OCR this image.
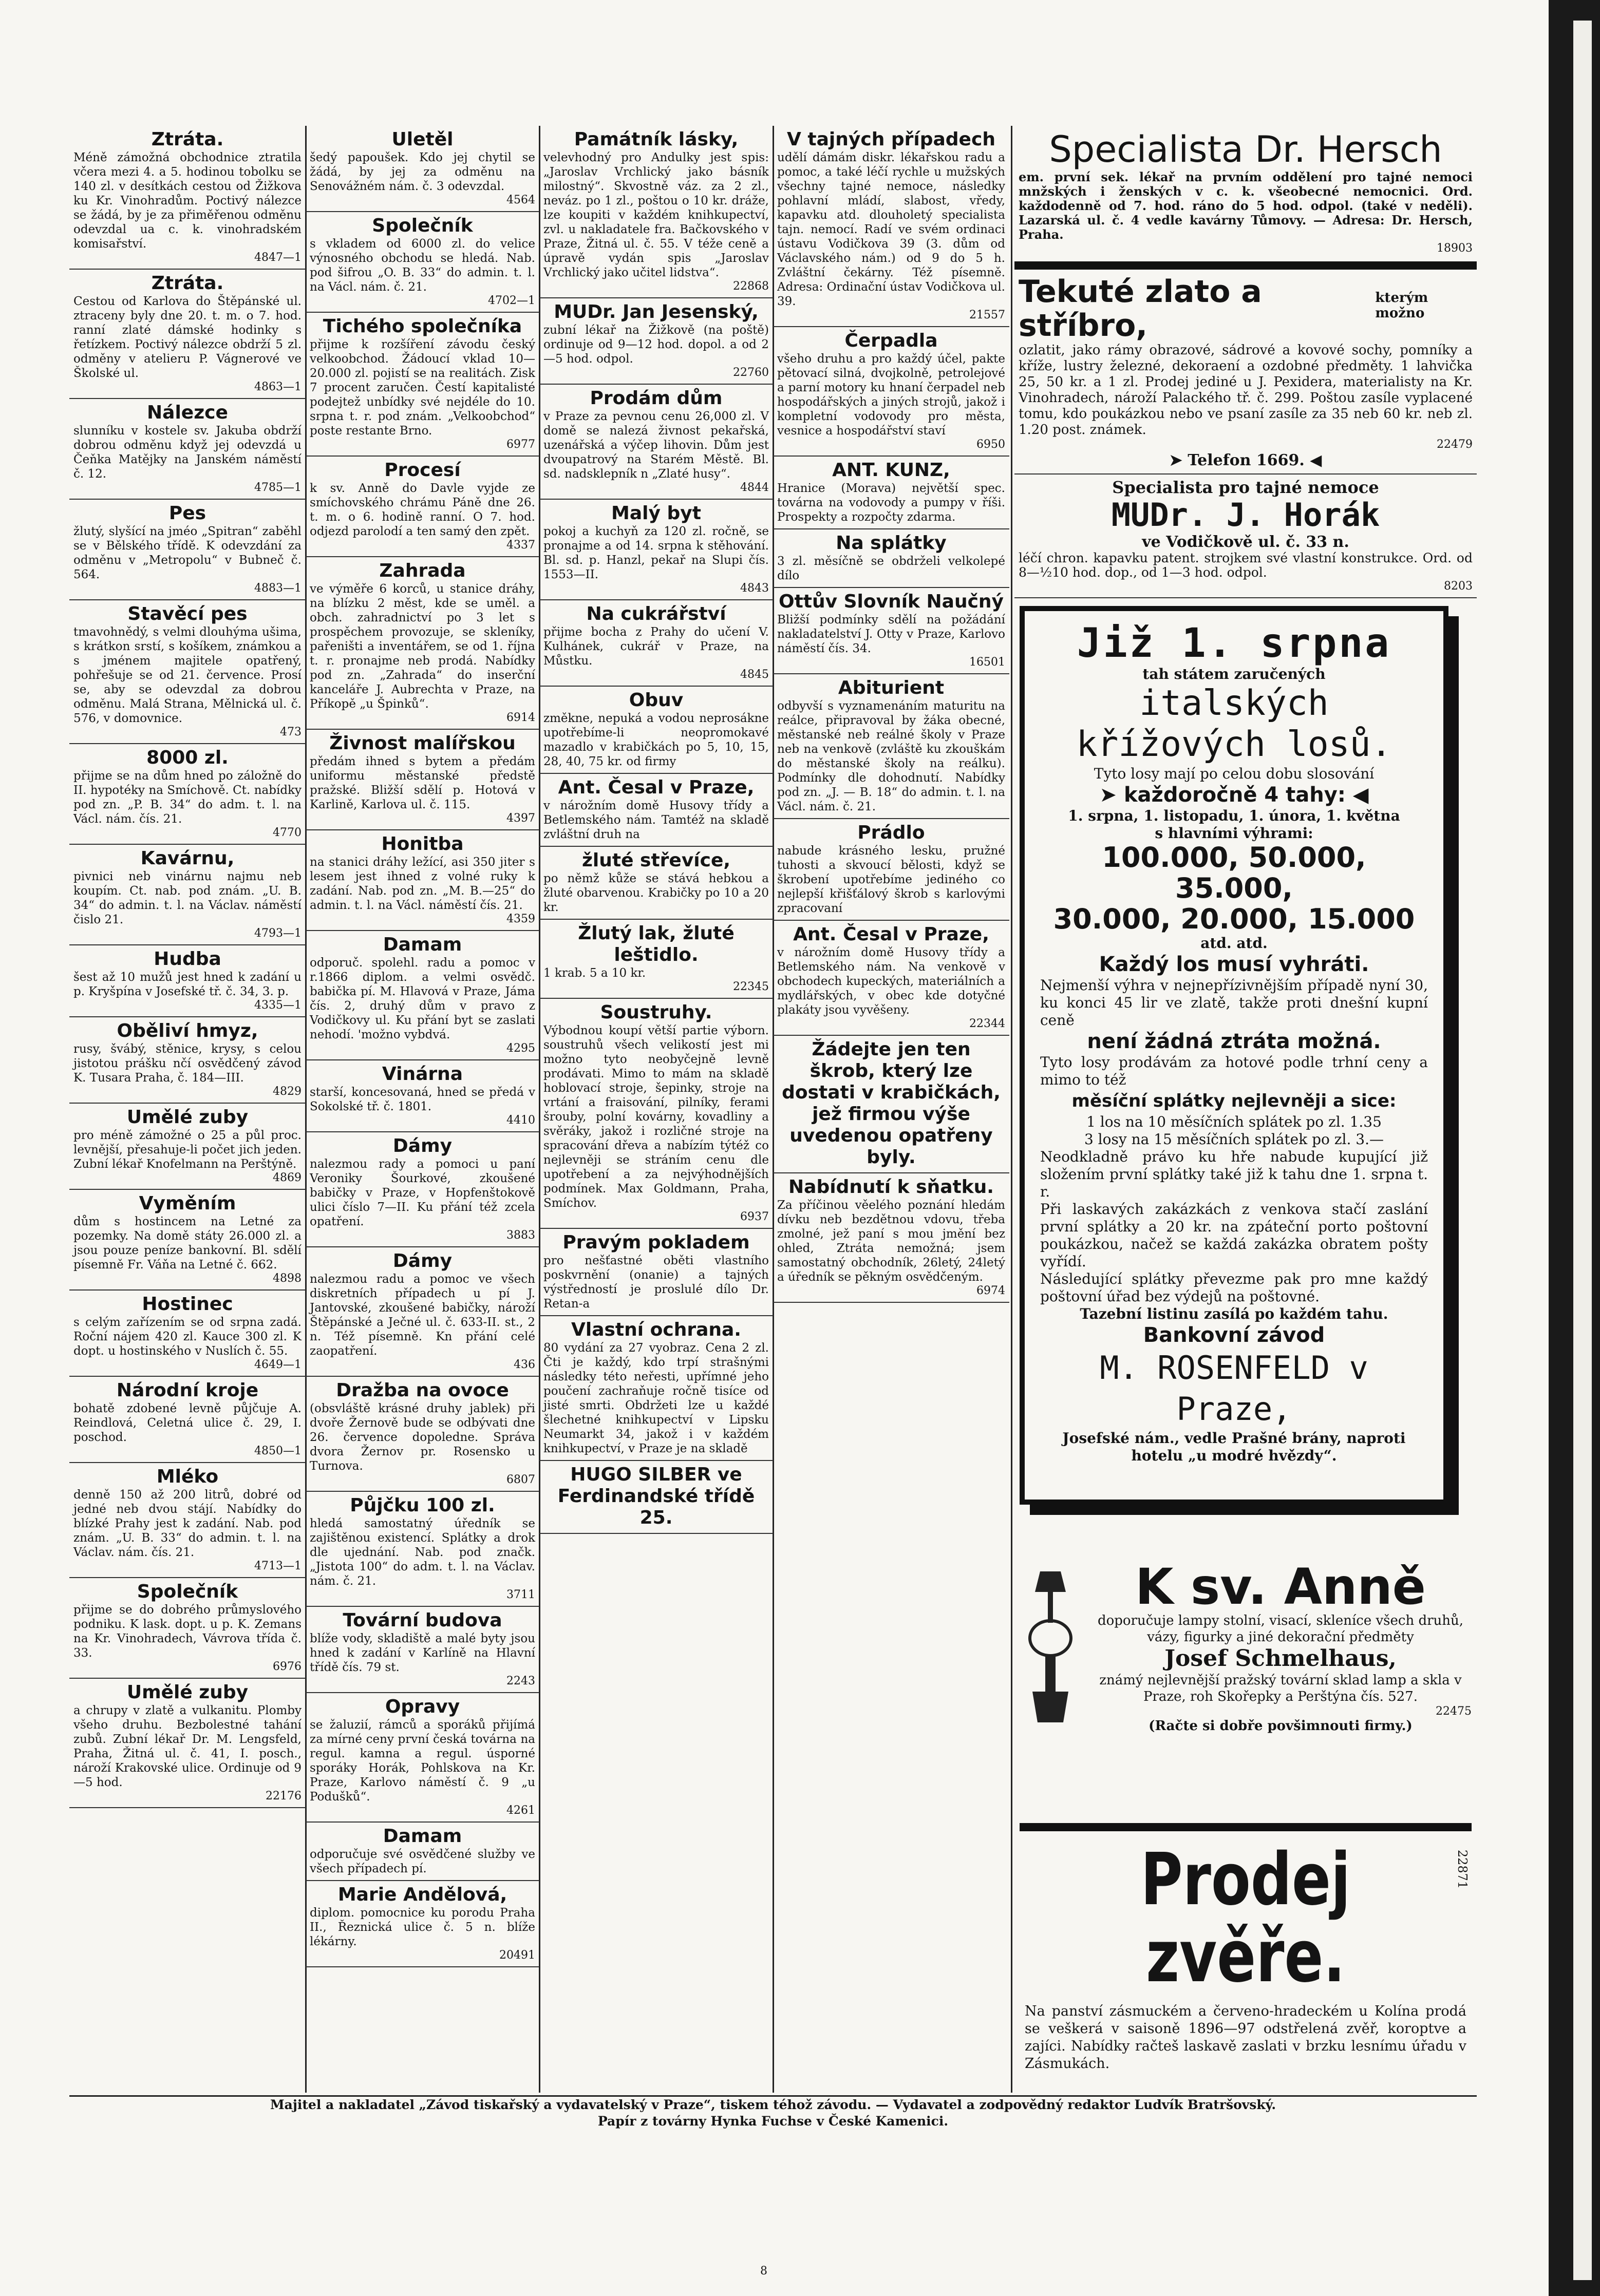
Ztráta.
Méně zámožná obchodnice ztratila včera mezi 4. a 5. hodinou tobolku se 140 zl. v desítkách cestou od Žižkova ku Kr. Vinohradům. Poctivý nálezce se žádá, by je za přiměřenou odměnu odevzdal ua c. k. vinohradském komisařství.
4847—1
Ztráta.
Cestou od Karlova do Štěpánské ul. ztraceny byly dne 20. t. m. o 7. hod. ranní zlaté dámské hodinky s řetízkem. Poctivý nálezce obdrží 5 zl. odměny v atelieru P. Vágnerové ve Školské ul.
4863—1
Nálezce
slunníku v kostele sv. Jakuba obdrží dobrou odměnu když jej odevzdá u Čeňka Matějky na Janském náměstí č. 12.
4785—1
Pes
žlutý, slyšící na jméo „Spitran“ zaběhl se v Bělského třídě. K odevzdání za odměnu v „Metropolu“ v Bubneč č. 564.
4883—1
Stavěcí pes
tmavohnědý, s velmi dlouhýma ušima, s krátkon srstí, s košíkem, známkou a s jménem majitele opatřený, pohřešuje se od 21. července. Prosí se, aby se odevzdal za dobrou odměnu. Malá Strana, Mělnická ul. č. 576, v domovnice.
473
8000 zl.
přijme se na dům hned po záložně do II. hypotéky na Smíchově. Ct. nabídky pod zn. „P. B. 34“ do adm. t. l. na Václ. nám. čís. 21.
4770
Kavárnu,
pivnici neb vinárnu najmu neb koupím. Ct. nab. pod znám. „U. B. 34“ do admin. t. l. na Václav. náměstí čislo 21.
4793—1
Hudba
šest až 10 mužů jest hned k zadání u p. Kryšpína v Josefské tř. č. 34, 3. p.
4335—1
Oběliví hmyz,
rusy, švábý, stěnice, krysy, s celou jistotou prášku nčí osvědčený závod K. Tusara Praha, č. 184—III.
4829
Umělé zuby
pro méně zámožné o 25 a půl proc. levnější, přesahuje-li počet jich jeden. Zubní lékař Knofelmann na Perštýně.
4869
Vyměním
dům s hostincem na Letné za pozemky. Na domě státy 26.000 zl. a jsou pouze peníze bankovní. Bl. sdělí písemně Fr. Váňa na Letné č. 662.
4898
Hostinec
s celým zařízením se od srpna zadá. Roční nájem 420 zl. Kauce 300 zl. K dopt. u hostinského v Nuslích č. 55.
4649—1
Národní kroje
bohatě zdobené levně půjčuje A. Reindlová, Celetná ulice č. 29, I. poschod.
4850—1
Mléko
denně 150 až 200 litrů, dobré od jedné neb dvou stájí. Nabídky do blízké Prahy jest k zadání. Nab. pod znám. „U. B. 33“ do admin. t. l. na Václav. nám. čís. 21.
4713—1
Společník
přijme se do dobrého průmyslového podniku. K lask. dopt. u p. K. Zemans na Kr. Vinohradech, Vávrova třída č. 33.
6976
Umělé zuby
a chrupy v zlatě a vulkanitu. Plomby všeho druhu. Bezbolestné tahání zubů. Zubní lékař Dr. M. Lengsfeld, Praha, Žitná ul. č. 41, I. posch., nároží Krakovské ulice. Ordinuje od 9—5 hod.
22176
Uletěl
šedý papoušek. Kdo jej chytil se žádá, by jej za odměnu na Senovážném nám. č. 3 odevzdal.
4564
Společník
s vkladem od 6000 zl. do velice výnosného obchodu se hledá. Nab. pod šifrou „O. B. 33“ do admin. t. l. na Václ. nám. č. 21.
4702—1
Tichého společníka
přijme k rozšíření závodu český velkoobchod. Žádoucí vklad 10—20.000 zl. pojistí se na realitách. Zisk 7 procent zaručen. Čestí kapitalisté podejtež unbídky své nejdéle do 10. srpna t. r. pod znám. „Velkoobchod“ poste restante Brno.
6977
Procesí
k sv. Anně do Davle vyjde ze smíchovského chrámu Páně dne 26. t. m. o 6. hodině ranní. O 7. hod. odjezd parolodí a ten samý den zpět.
4337
Zahrada
ve výměře 6 korců, u stanice dráhy, na blízku 2 měst, kde se uměl. a obch. zahradnictví po 3 let s prospěchem provozuje, se skleníky, pařeništi a inventářem, se od 1. října t. r. pronajme neb prodá. Nabídky pod zn. „Zahrada“ do inserční kanceláře J. Aubrechta v Praze, na Příkopě „u Špinků“.
6914
Živnost malířskou
předám ihned s bytem a předám uniformu městanské předstě pražské. Bližší sdělí p. Hotová v Karlině, Karlova ul. č. 115.
4397
Honitba
na stanici dráhy ležící, asi 350 jiter s lesem jest ihned z volné ruky k zadání. Nab. pod zn. „M. B.—25“ do admin. t. l. na Václ. náměstí čís. 21.
4359
Damam
odporuč. spolehl. radu a pomoc v r.1866 diplom. a velmi osvědč. babička pí. M. Hlavová v Praze, Jáma čís. 2, druhý dům v pravo z Vodičkovy ul. Ku přání byt se zaslati nehodí. 'možno vybdvá.
4295
Vinárna
starší, koncesovaná, hned se předá v Sokolské tř. č. 1801.
4410
Dámy
nalezmou rady a pomoci u paní Veroniky Šourkové, zkoušené babičky v Praze, v Hopfenštokově ulici číslo 7—II. Ku přání též zcela opatření.
3883
Dámy
nalezmou radu a pomoc ve všech diskretních případech u pí J. Jantovské, zkoušené babičky, nároží Štěpánské a Ječné ul. č. 633-II. st., 2 n. Též písemně. Kn přání celé zaopatření.
436
Dražba na ovoce
(obsvláště krásné druhy jablek) při dvoře Žernově bude se odbývati dne 26. července dopoledne. Správa dvora Žernov pr. Rosensko u Turnova.
6807
Půjčku 100 zl.
hledá samostatný úředník se zajištěnou existencí. Splátky a drok dle ujednání. Nab. pod značk. „Jistota 100“ do adm. t. l. na Václav. nám. č. 21.
3711
Tovární budova
blíže vody, skladiště a malé byty jsou hned k zadání v Karlíně na Hlavní třídě čís. 79 st.
2243
Opravy
se žaluzií, rámců a sporáků přijímá za mírné ceny první česká továrna na regul. kamna a regul. úsporné sporáky Horák, Pohlskova na Kr. Praze, Karlovo náměstí č. 9 „u Podušků“.
4261
Damam
odporučuje své osvědčené služby ve všech případech pí.
Marie Andělová,
diplom. pomocnice ku porodu Praha II., Řeznická ulice č. 5 n. blíže lékárny.
20491
Památník lásky,
velevhodný pro Andulky jest spis: „Jaroslav Vrchlický jako básník milostný“. Skvostně váz. za 2 zl., neváz. po 1 zl., poštou o 10 kr. dráže, lze koupiti v každém knihkupectví, zvl. u nakladatele fra. Bačkovského v Praze, Žitná ul. č. 55. V téže ceně a úpravě vydán spis „Jaroslav Vrchlický jako učitel lidstva“.
22868
MUDr. Jan Jesenský,
zubní lékař na Žižkově (na poště) ordinuje od 9—12 hod. dopol. a od 2—5 hod. odpol.
22760
Prodám dům
v Praze za pevnou cenu 26,000 zl. V domě se nalezá živnost pekařská, uzenářská a výčep lihovin. Dům jest dvoupatrový na Starém Městě. Bl. sd. nadsklepník n „Zlaté husy“.
4844
Malý byt
pokoj a kuchyň za 120 zl. ročně, se pronajme a od 14. srpna k stěhování. Bl. sd. p. Hanzl, pekař na Slupi čís. 1553—II.
4843
Na cukrářství
přijme bocha z Prahy do učení V. Kulhánek, cukrář v Praze, na Můstku.
4845
Obuv
změkne, nepuká a vodou neprosákne upotřebíme-li neopromokavé mazadlo v krabičkách po 5, 10, 15, 28, 40, 75 kr. od firmy
Ant. Česal v Praze,
v nárožním domě Husovy třídy a Betlemského nám. Tamtéž na skladě zvláštní druh na
žluté střevíce,
po němž kůže se stává hebkou a žluté obarvenou. Krabičky po 10 a 20 kr.
Žlutý lak, žluté leštidlo.
1 krab. 5 a 10 kr.
22345
Soustruhy.
Výbodnou koupí větší partie výborn. soustruhů všech velikostí jest mi možno tyto neobyčejně levně prodávati. Mimo to mám na skladě hoblovací stroje, šepinky, stroje na vrtání a fraisování, pilníky, ferami šrouby, polní kovárny, kovadliny a svěráky, jakož i rozličné stroje na spracování dřeva a nabízím týtéž co nejlevněji se stráním cenu dle upotřebení a za nejvýhodnějších podmínek. Max Goldmann, Praha, Smíchov.
6937
Pravým pokladem
pro nešťastné oběti vlastního poskvrnění (onanie) a tajných výstředností je proslulé dílo Dr. Retan-a
Vlastní ochrana.
80 vydání za 27 vyobraz. Cena 2 zl. Čti je každý, kdo trpí strašnými následky této neřesti, upřímné jeho poučení zachraňuje ročně tisíce od jisté smrti. Obdržeti lze u každé šlechetné knihkupectví v Lipsku Neumarkt 34, jakož i v každém knihkupectví, v Praze je na skladě
HUGO SILBER ve Ferdinandské třídě 25.
V tajných případech
udělí dámám diskr. lékařskou radu a pomoc, a také léčí rychle u mužských všechny tajné nemoce, následky pohlavní mládí, slabost, vředy, kapavku atd. dlouholetý specialista tajn. nemocí. Radí ve svém ordinaci ústavu Vodičkova 39 (3. dům od Václavského nám.) od 9 do 5 h. Zvláštní čekárny. Též písemně. Adresa: Ordinační ústav Vodičkova ul. 39.
21557
Čerpadla
všeho druhu a pro každý účel, pakte pětovací silná, dvojkolně, petrolejové a parní motory ku hnaní čerpadel neb hospodářských a jiných strojů, jakož i kompletní vodovody pro města, vesnice a hospodářství staví
6950
ANT. KUNZ,
Hranice (Morava) největší spec. továrna na vodovody a pumpy v říši. Prospekty a rozpočty zdarma.
Na splátky
3 zl. měsíčně se obdrželi velkolepé dílo
Ottův Slovník Naučný
Bližší podmínky sdělí na požádání nakladatelství J. Otty v Praze, Karlovo náměstí čís. 34.
16501
Abiturient
odbyvší s vyznamenáním maturitu na reálce, připravoval by žáka obecné, městanské neb reálné školy v Praze neb na venkově (zvláště ku zkouškám do městanské školy na reálku). Podmínky dle dohodnutí. Nabídky pod zn. „J. — B. 18“ do admin. t. l. na Václ. nám. č. 21.
Prádlo
nabude krásného lesku, pružné tuhosti a skvoucí bělosti, když se škrobení upotřebíme jediného co nejlepší křišťálový škrob s karlovými zpracovaní
Ant. Česal v Praze,
v nárožním domě Husovy třídy a Betlemského nám. Na venkově v obchodech kupeckých, materiálních a mydlářských, v obec kde dotyčné plakáty jsou vyvěšeny.
22344
Žádejte jen ten škrob, který lze dostati v krabičkách, jež firmou výše uvedenou opatřeny byly.
Nabídnutí k sňatku.
Za příčinou věelého poznání hledám dívku neb bezdětnou vdovu, třeba zmolné, jež paní s mou jmění bez ohled, Ztráta nemožná; jsem samostatný obchodník, 26letý, 24letý a úředník se pěkným osvědčeným.
6974
Specialista Dr. Hersch
em. první sek. lékař na prvním oddělení pro tajné nemoci mnžských i ženských v c. k. všeobecné nemocnici. Ord. každodenně od 7. hod. ráno do 5 hod. odpol. (také v neděli). Lazarská ul. č. 4 vedle kavárny Tůmovy. — Adresa: Dr. Hersch, Praha.
18903
Tekuté zlato a stříbro,
kterým možno
ozlatit, jako rámy obrazové, sádrové a kovové sochy, pomníky a kříže, lustry železné, dekoraení a ozdobné předměty. 1 lahvička 25, 50 kr. a 1 zl. Prodej jediné u J. Pexidera, materialisty na Kr. Vinohradech, nároží Palackého tř. č. 299. Poštou zasíle vyplacené tomu, kdo poukázkou nebo ve psaní zasíle za 35 neb 60 kr. neb zl. 1.20 post. známek.
22479
➤ Telefon 1669. ◀
Specialista pro tajné nemoce
MUDr. J. Horák
ve Vodičkově ul. č. 33 n.
léčí chron. kapavku patent. strojkem své vlastní konstrukce. Ord. od 8—½10 hod. dop., od 1—3 hod. odpol.
8203
Již 1. srpna
tah státem zaručených
italských křížových losů.
Tyto losy mají po celou dobu slosování
➤ každoročně 4 tahy: ◀
1. srpna, 1. listopadu, 1. února, 1. května
s hlavními výhrami:
100.000, 50.000, 35.000,
30.000, 20.000, 15.000
atd. atd.
Každý los musí vyhráti.
Nejmenší výhra v nejnepřízivnějším případě nyní 30, ku konci 45 lir ve zlatě, takže proti dnešní kupní ceně
není žádná ztráta možná.
Tyto losy prodávám za hotové podle trhní ceny a mimo to též
měsíční splátky nejlevněji a sice:
1 los na 10 měsíčních splátek po zl. 1.35
3 losy na 15 měsíčních splátek po zl. 3.—
Neodkladně právo ku hře nabude kupující již složením první splátky také již k tahu dne 1. srpna t. r.
Při laskavých zakázkách z venkova stačí zaslání první splátky a 20 kr. na zpáteční porto poštovní poukázkou, načež se každá zakázka obratem pošty vyřídí.
Následující splátky převezme pak pro mne každý poštovní úřad bez výdejů na poštovné.
Tazební listinu zasílá po každém tahu.
Bankovní závod
M. ROSENFELD v Praze,
Josefské nám., vedle Prašné brány, naproti hotelu „u modré hvězdy“.
K sv. Anně
doporučuje lampy stolní, visací, skleníce všech druhů, vázy, figurky a jiné dekorační předměty
Josef Schmelhaus,
známý nejlevnější pražský tovární sklad lamp a skla v Praze, roh Skořepky a Perštýna čís. 527.
22475
(Račte si dobře povšimnouti firmy.)
Prodej zvěře.
Na panství zásmuckém a červeno-hradeckém u Kolína prodá se veškerá v saisoně 1896—97 odstřelená zvěř, koroptve a zajíci. Nabídky račteš laskavě zaslati v brzku lesnímu úřadu v Zásmukách.
22871
Majitel a nakladatel „Závod tiskařský a vydavatelský v Praze“, tiskem téhož závodu. — Vydavatel a zodpovědný redaktor Ludvík Bratršovský.
Papír z továrny Hynka Fuchse v České Kamenici.
8
